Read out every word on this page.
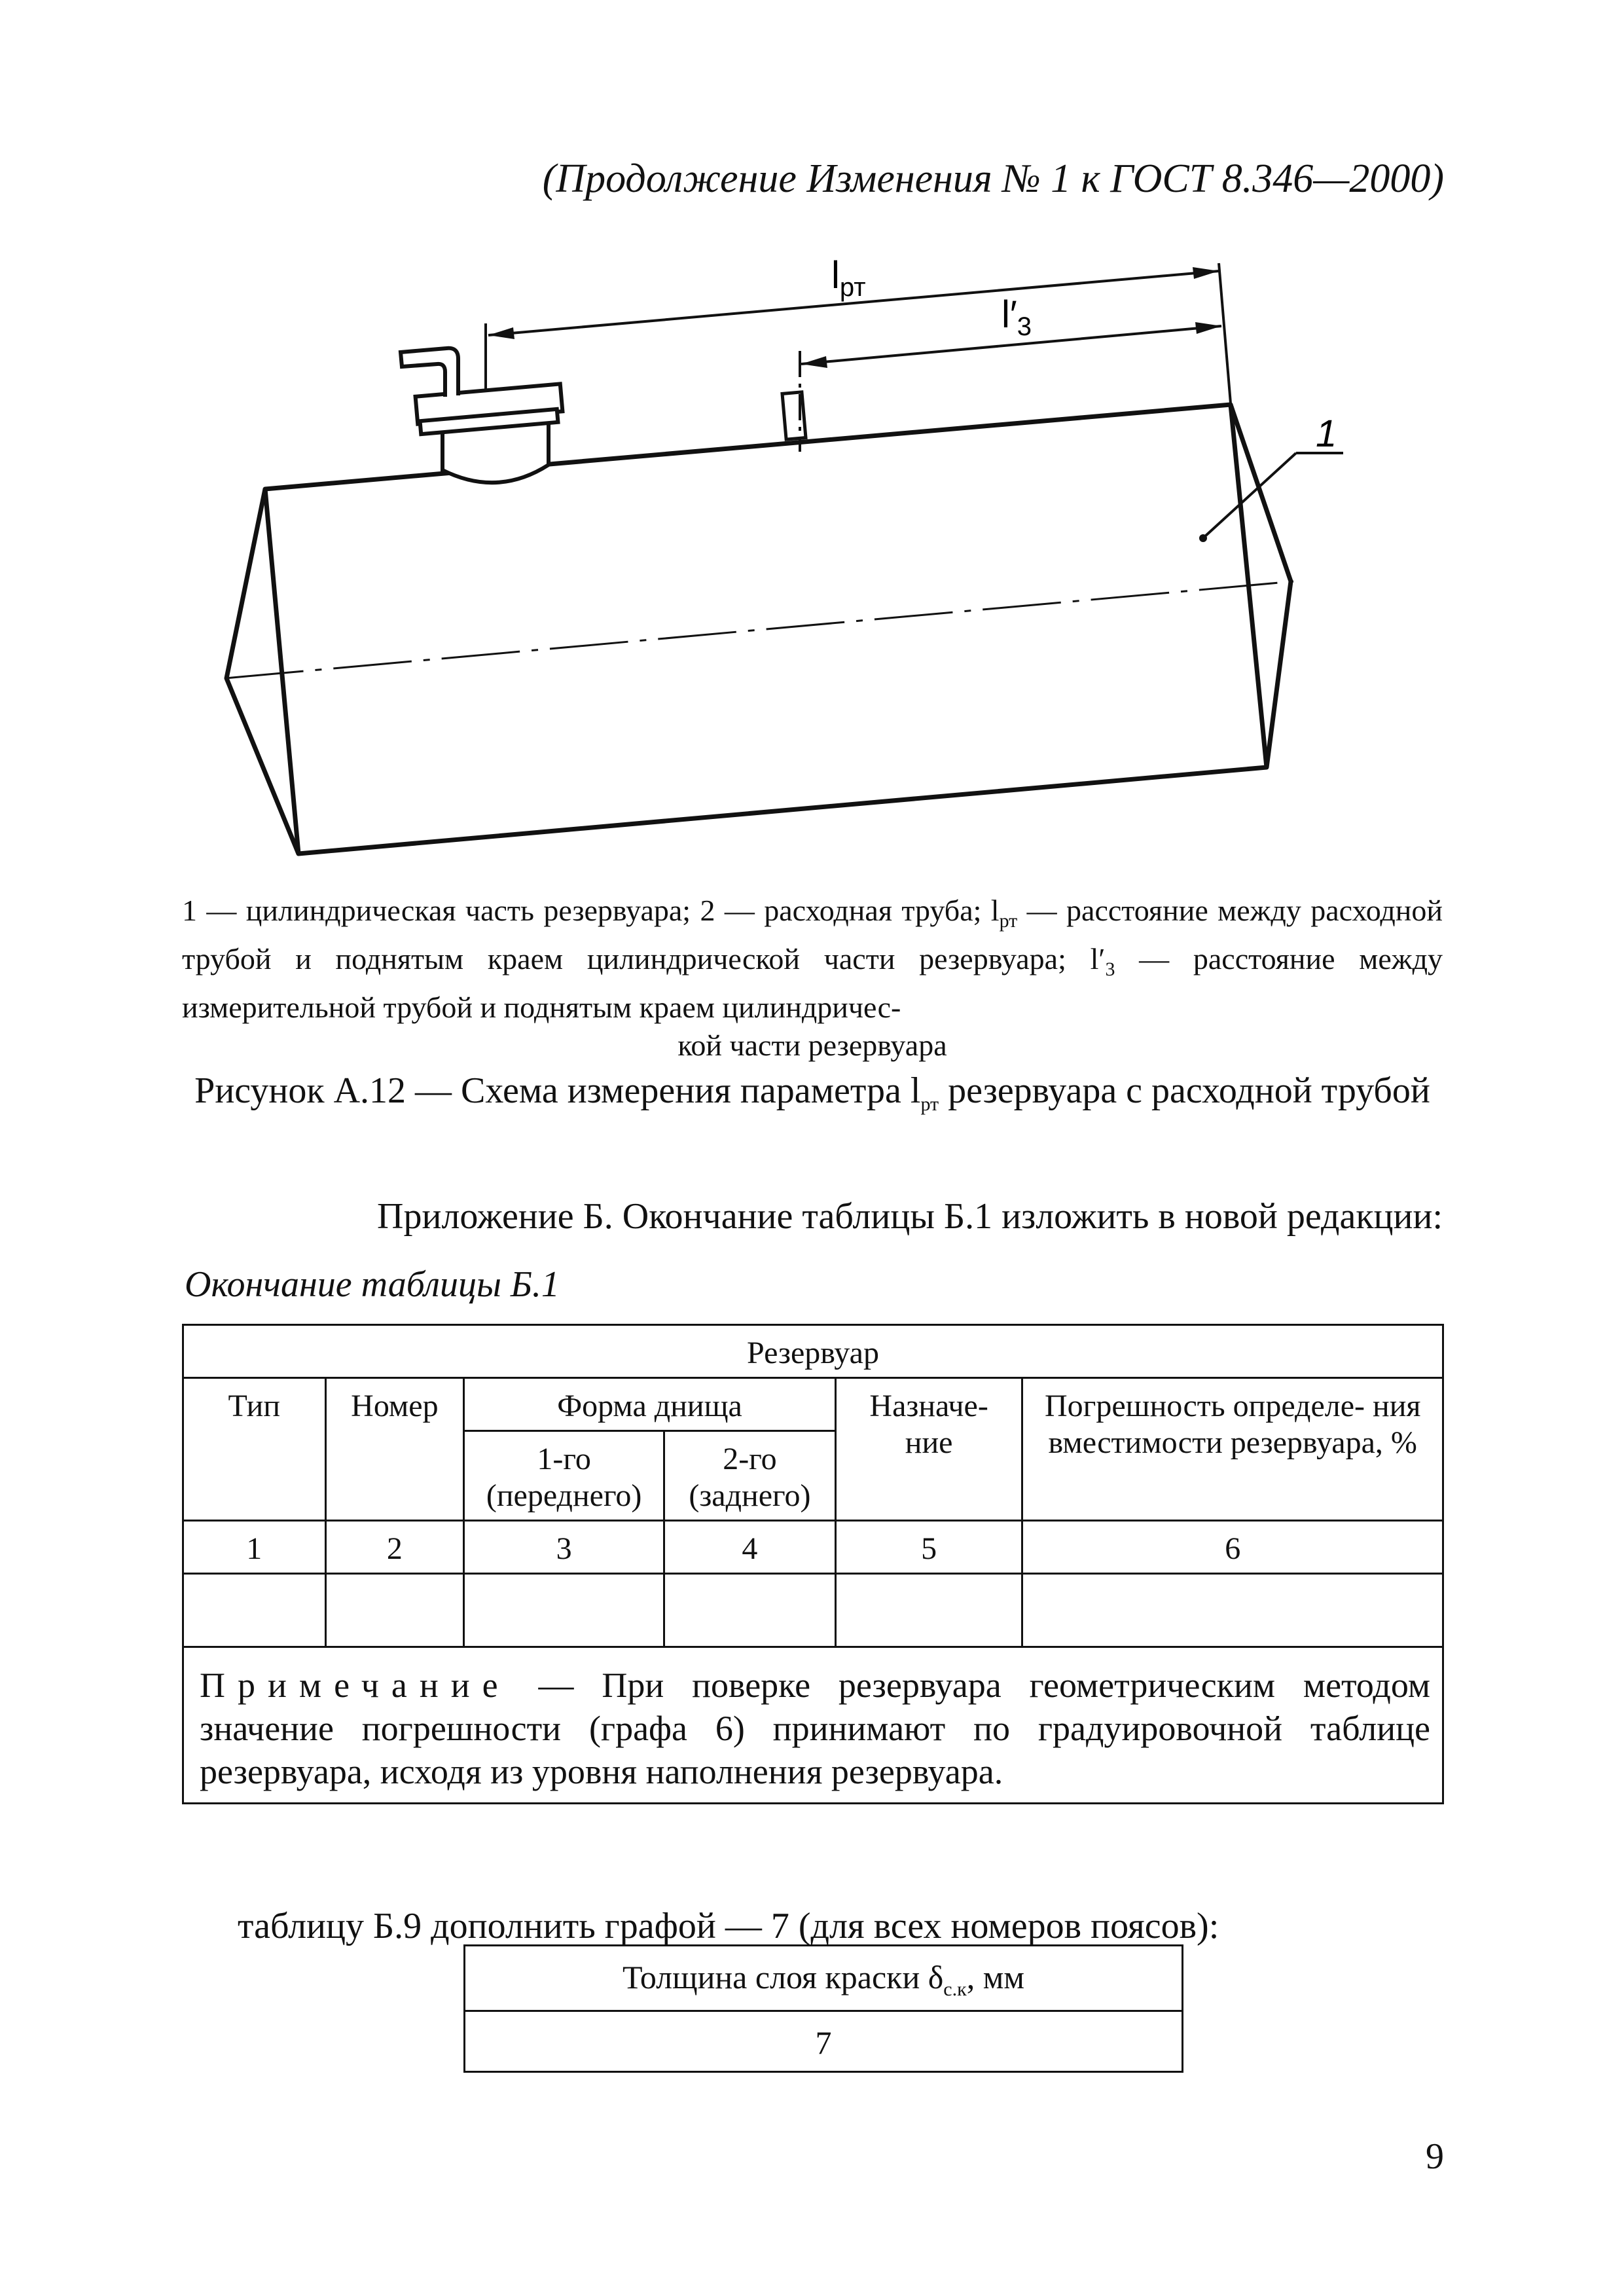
(Продолжение Изменения № 1 к ГОСТ 8.346—2000)
$l_{рт}$
$l'_3$
1
1 — цилиндрическая часть резервуара; 2 — расходная труба; $l_{рт}$ — расстояние между расходной трубой и поднятым краем цилиндрической части резервуара; $l'_3$ — расстояние между измерительной трубой и поднятым краем цилиндричес-
кой части резервуара
Рисунок А.12 — Схема измерения параметра $l_{рт}$ резервуара с расходной трубой
Приложение Б. Окончание таблицы Б.1 изложить в новой редакции:
Окончание таблицы Б.1
Резервуар					
Тип	Номер	Форма днища		Назначе- ние	Погрешность определе- ния вместимости резервуара, %
		1-го (переднего)	2-го (заднего)		
1	2	3	4	5	6

Примечание — При поверке резервуара геометрическим методом значение погрешности (графа 6) принимают по градуировочной таблице резервуара, исходя из уровня наполнения резервуара.					
таблицу Б.9 дополнить графой — 7 (для всех номеров поясов):
Толщина слоя краски $\delta_{с.к}$, мм
7
9
